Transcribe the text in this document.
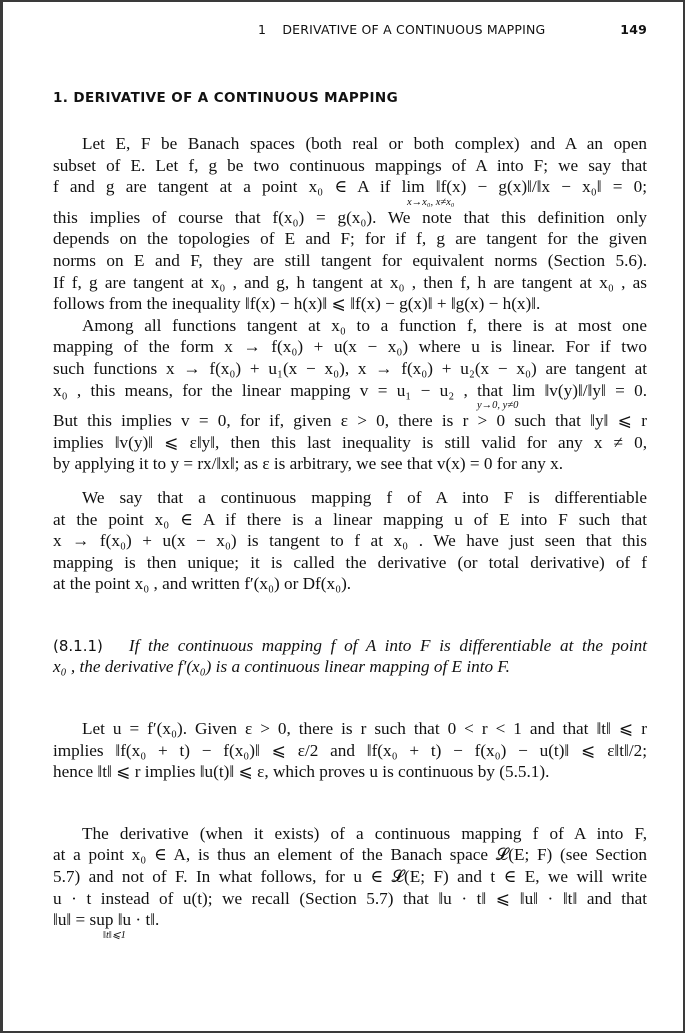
1 DERIVATIVE OF A CONTINUOUS MAPPING	149
1. DERIVATIVE OF A CONTINUOUS MAPPING
Let E, F be Banach spaces (both real or both complex) and A an open
subset of E. Let f, g be two continuous mappings of A into F; we say that
f and g are tangent at a point x₀ ∈ A if lim ‖f(x) − g(x)‖/‖x − x₀‖ = 0;
x→x₀, x≠x₀
this implies of course that f(x₀) = g(x₀). We note that this definition only
depends on the topologies of E and F; for if f, g are tangent for the given
norms on E and F, they are still tangent for equivalent norms (Section 5.6).
If f, g are tangent at x₀ , and g, h tangent at x₀ , then f, h are tangent at x₀ , as
follows from the inequality ‖f(x) − h(x)‖ ⩽ ‖f(x) − g(x)‖ + ‖g(x) − h(x)‖.
Among all functions tangent at x₀ to a function f, there is at most one
mapping of the form x → f(x₀) + u(x − x₀) where u is linear. For if two
such functions x → f(x₀) + u₁(x − x₀), x → f(x₀) + u₂(x − x₀) are tangent at
x₀ , this means, for the linear mapping v = u₁ − u₂ , that lim ‖v(y)‖/‖y‖ = 0.
y→0, y≠0
But this implies v = 0, for if, given ε > 0, there is r > 0 such that ‖y‖ ⩽ r
implies ‖v(y)‖ ⩽ ε‖y‖, then this last inequality is still valid for any x ≠ 0,
by applying it to y = rx/‖x‖; as ε is arbitrary, we see that v(x) = 0 for any x.
We say that a continuous mapping f of A into F is differentiable
at the point x₀ ∈ A if there is a linear mapping u of E into F such that
x → f(x₀) + u(x − x₀) is tangent to f at x₀ . We have just seen that this
mapping is then unique; it is called the derivative (or total derivative) of f
at the point x₀ , and written f′(x₀) or Df(x₀).
(8.1.1) If the continuous mapping f of A into F is differentiable at the point
x₀ , the derivative f′(x₀) is a continuous linear mapping of E into F.
Let u = f′(x₀). Given ε > 0, there is r such that 0 < r < 1 and that ‖t‖ ⩽ r
implies ‖f(x₀ + t) − f(x₀)‖ ⩽ ε/2 and ‖f(x₀ + t) − f(x₀) − u(t)‖ ⩽ ε‖t‖/2;
hence ‖t‖ ⩽ r implies ‖u(t)‖ ⩽ ε, which proves u is continuous by (5.5.1).
The derivative (when it exists) of a continuous mapping f of A into F,
at a point x₀ ∈ A, is thus an element of the Banach space 𝓛(E; F) (see Section
5.7) and not of F. In what follows, for u ∈ 𝓛(E; F) and t ∈ E, we will write
u · t instead of u(t); we recall (Section 5.7) that ‖u · t‖ ⩽ ‖u‖ · ‖t‖ and that
‖u‖ = sup ‖u · t‖.
‖t‖⩽1
